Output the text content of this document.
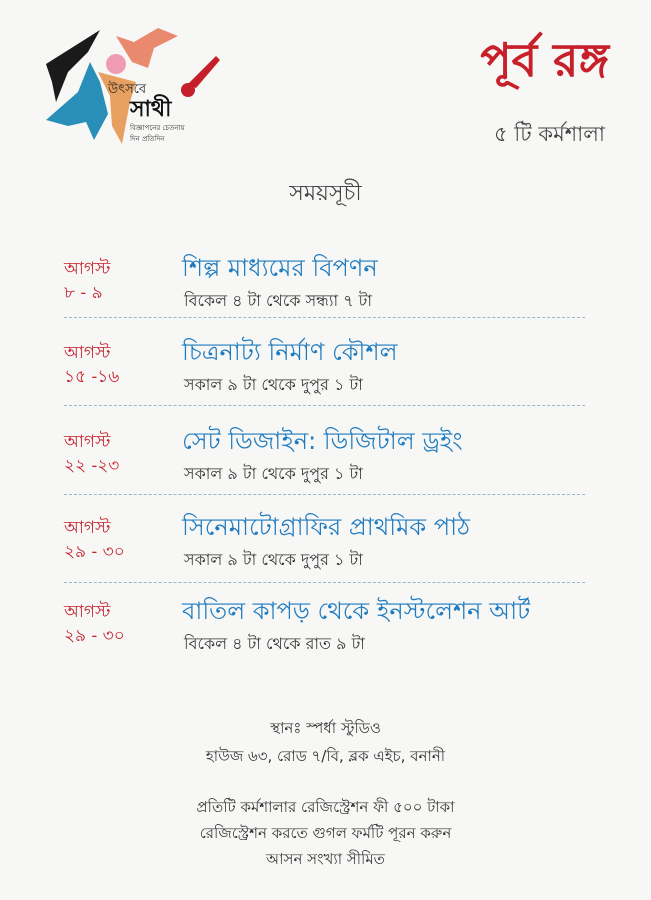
উৎসবে
সাথী
বিজ্ঞাপনের চেতনায়
দিন প্রতিদিন
পূর্ব রঙ্গ
৫ টি কর্মশালা
সময়সূচী
আগস্ট
৮ - ৯
শিল্প মাধ্যমের বিপণন
বিকেল ৪ টা থেকে সন্ধ্যা ৭ টা
আগস্ট
১৫ -১৬
চিত্রনাট্য নির্মাণ কৌশল
সকাল ৯ টা থেকে দুপুর ১ টা
আগস্ট
২২ -২৩
সেট ডিজাইন: ডিজিটাল ড্রইং
সকাল ৯ টা থেকে দুপুর ১ টা
আগস্ট
২৯ - ৩০
সিনেমাটোগ্রাফির প্রাথমিক পাঠ
সকাল ৯ টা থেকে দুপুর ১ টা
আগস্ট
২৯ - ৩০
বাতিল কাপড় থেকে ইনস্টলেশন আর্ট
বিকেল ৪ টা থেকে রাত ৯ টা
স্থানঃ স্পর্ধা স্টুডিও
হাউজ ৬৩, রোড ৭/বি, ব্লক এইচ, বনানী
প্রতিটি কর্মশালার রেজিস্ট্রেশন ফী ৫০০ টাকা
রেজিস্ট্রেশন করতে গুগল ফর্মটি পূরন করুন
আসন সংখ্যা সীমিত
